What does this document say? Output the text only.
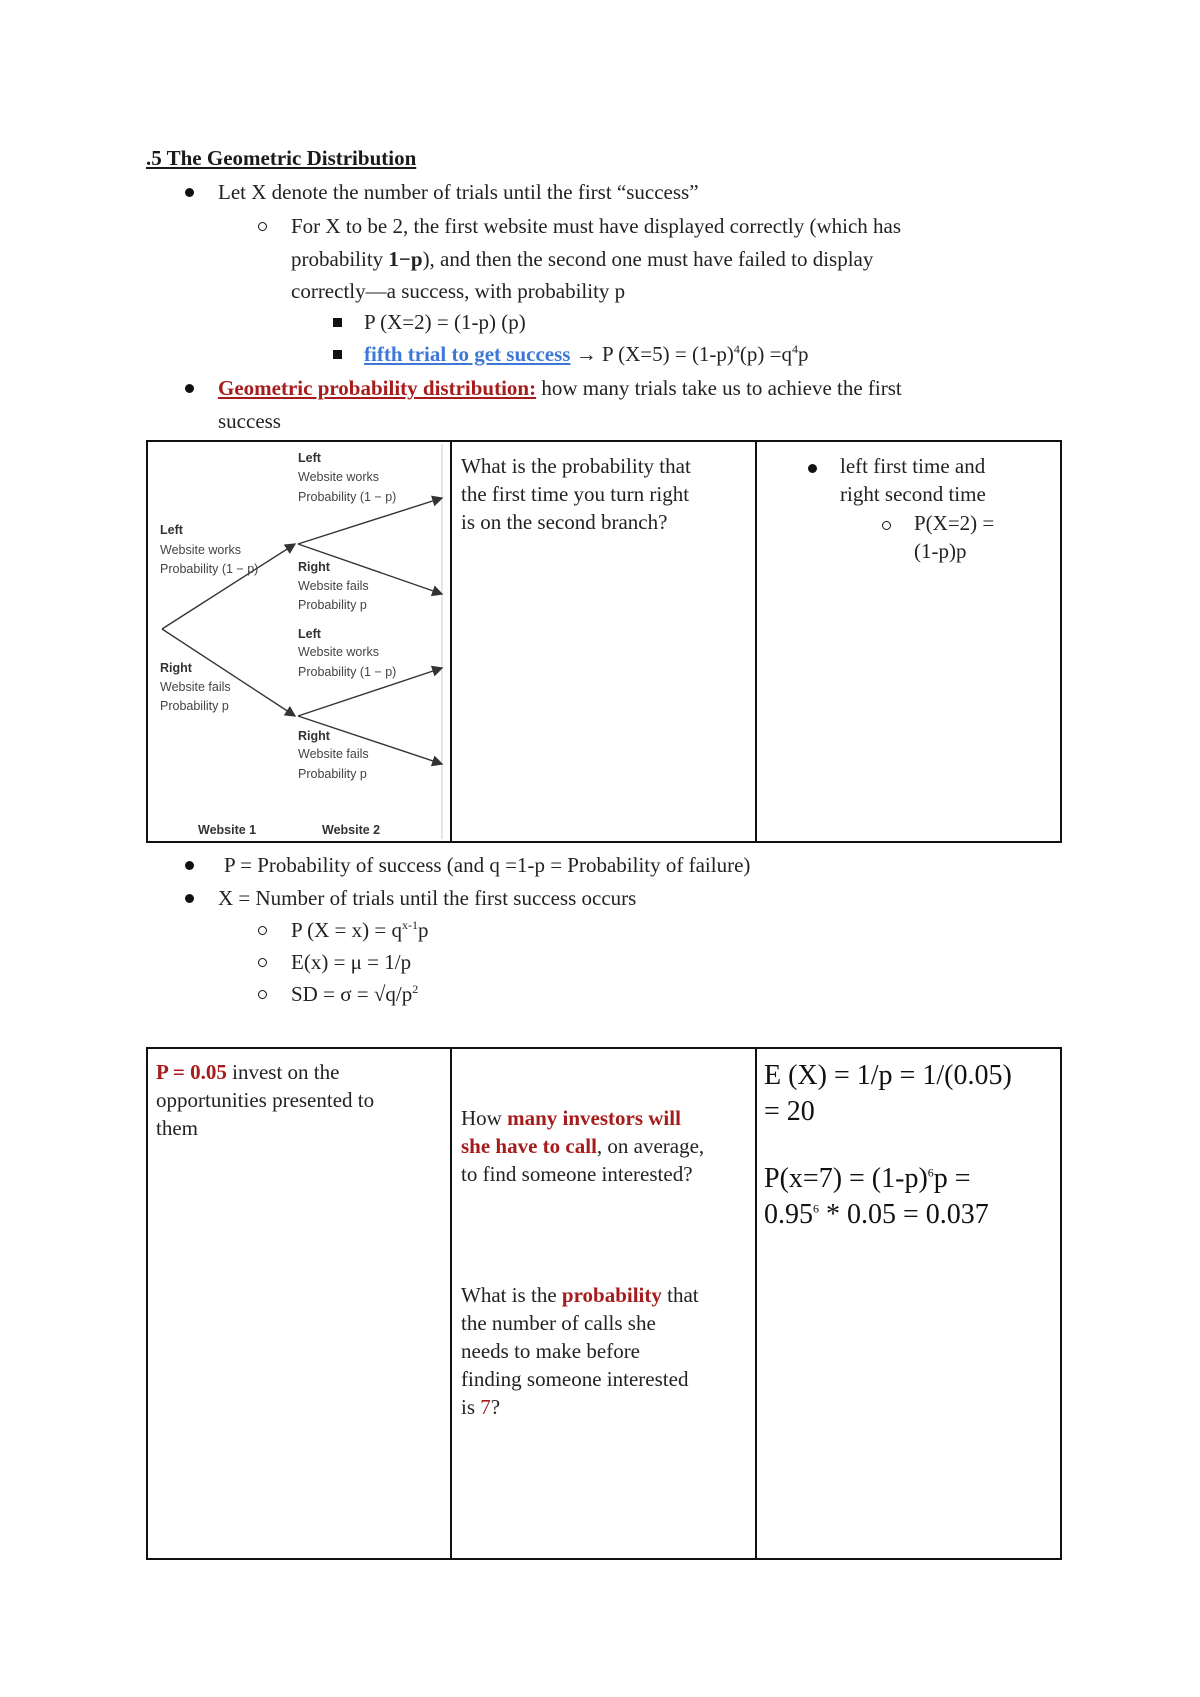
.5 The Geometric Distribution
Let X denote the number of trials until the first “success”
For X to be 2, the first website must have displayed correctly (which has
probability 1−p), and then the second one must have failed to display
correctly—a success, with probability p
P (X=2) = (1-p) (p)
fifth trial to get success → P $(X=5) = (1-p)^4(p) =q^4p$
Geometric probability distribution: how many trials take us to achieve the first
success
Left
Website works
Probability (1 − p)
Right
Website fails
Probability p
Left
Website works
Probability (1 − p)
Right
Website fails
Probability p
Left
Website works
Probability (1 − p)
Right
Website fails
Probability p
Website 1	Website 2
What is the probability that
the first time you turn right
is on the second branch?
left first time and
right second time
P(X=2) =
(1-p)p
P = Probability of success (and q =1-p = Probability of failure)
X = Number of trials until the first success occurs
P $(X = x) = q^{x-1}p$
E(x) = μ = 1/p
SD = $\sigma = √q/p^2$
P = 0.05 invest on the
opportunities presented to
them	How many investors will
she have to call, on average,
to find someone interested?
What is the probability that
the number of calls she
needs to make before
finding someone interested
is 7?
E (X) = 1/p = 1/(0.05)
= 20
$P(x=7) = (1-p)^6p$ =
$0.95^6 * 0.05 = 0.037$
